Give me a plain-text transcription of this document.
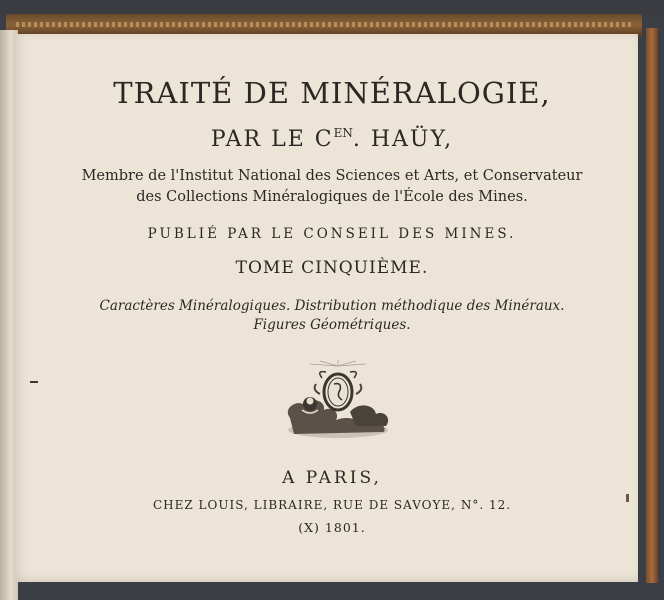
TRAITÉ DE MINÉRALOGIE,
PAR LE $C^{EN}$. HAÜY,
Membre de l'Institut National des Sciences et Arts, et Conservateur
des Collections Minéralogiques de l'École des Mines.
PUBLIÉ PAR LE CONSEIL DES MINES.
TOME CINQUIÈME.
Caractères Minéralogiques. Distribution méthodique des Minéraux.
Figures Géométriques.
A PARIS,
CHEZ LOUIS, LIBRAIRE, RUE DE SAVOYE, N°. 12.
(X) 1801.
